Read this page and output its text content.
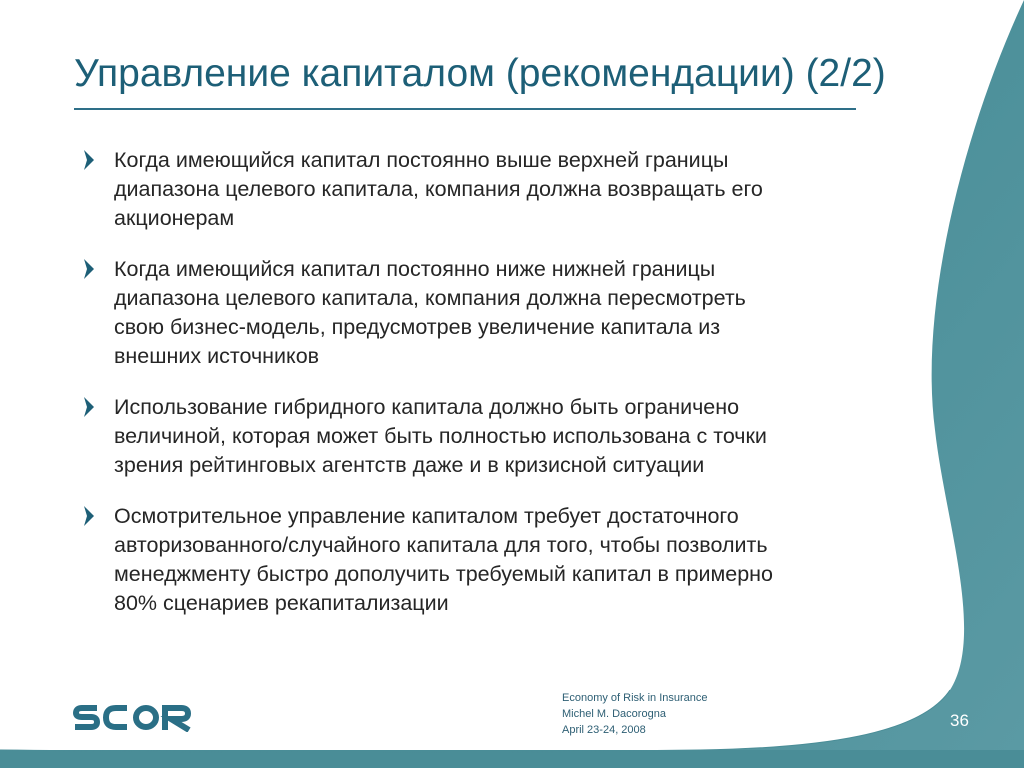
Управление капиталом (рекомендации) (2/2)
Когда имеющийся капитал постоянно выше верхней границы
диапазона целевого капитала, компания должна возвращать его
акционерам
Когда имеющийся капитал постоянно ниже нижней границы
диапазона целевого капитала, компания должна пересмотреть
свою бизнес-модель, предусмотрев увеличение капитала из
внешних источников
Использование гибридного капитала должно быть ограничено
величиной, которая может быть полностью использована с точки
зрения рейтинговых агентств даже и в кризисной ситуации
Осмотрительное управление капиталом требует достаточного
авторизованного/случайного капитала для того, чтобы позволить
менеджменту быстро дополучить требуемый капитал в примерно
80% сценариев рекапитализации
Economy of Risk in Insurance
Michel M. Dacorogna
April 23-24, 2008	36
